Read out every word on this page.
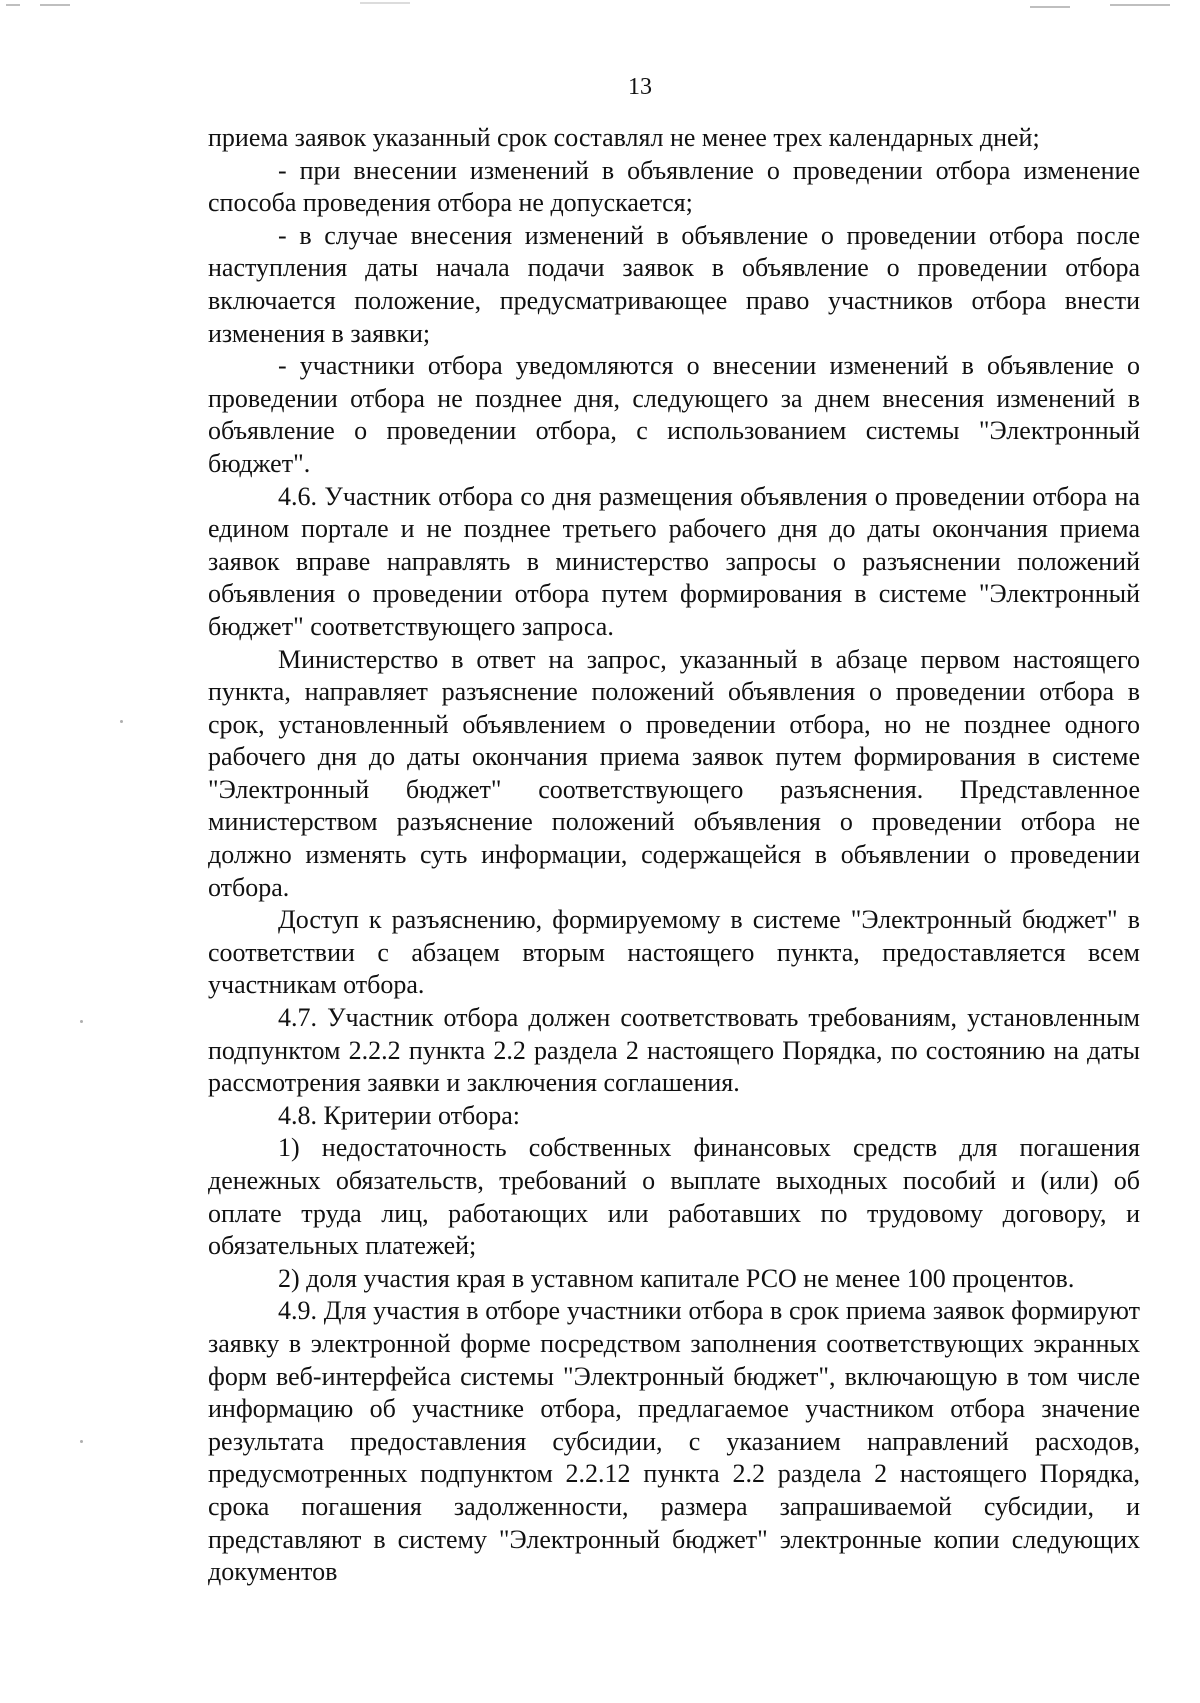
13

приема заявок указанный срок составлял не менее трех календарных дней;

- при внесении изменений в объявление о проведении отбора изменение способа проведения отбора не допускается;

- в случае внесения изменений в объявление о проведении отбора после наступления даты начала подачи заявок в объявление о проведении отбора включается положение, предусматривающее право участников отбора внести изменения в заявки;

- участники отбора уведомляются о внесении изменений в объявление о проведении отбора не позднее дня, следующего за днем внесения изменений в объявление о проведении отбора, с использованием системы "Электронный бюджет".

4.6. Участник отбора со дня размещения объявления о проведении отбора на едином портале и не позднее третьего рабочего дня до даты окончания приема заявок вправе направлять в министерство запросы о разъяснении положений объявления о проведении отбора путем формирования в системе "Электронный бюджет" соответствующего запроса.

Министерство в ответ на запрос, указанный в абзаце первом настоящего пункта, направляет разъяснение положений объявления о проведении отбора в срок, установленный объявлением о проведении отбора, но не позднее одного рабочего дня до даты окончания приема заявок путем формирования в системе "Электронный бюджет" соответствующего разъяснения. Представленное министерством разъяснение положений объявления о проведении отбора не должно изменять суть информации, содержащейся в объявлении о проведении отбора.

Доступ к разъяснению, формируемому в системе "Электронный бюджет" в соответствии с абзацем вторым настоящего пункта, предоставляется всем участникам отбора.

4.7. Участник отбора должен соответствовать требованиям, установленным подпунктом 2.2.2 пункта 2.2 раздела 2 настоящего Порядка, по состоянию на даты рассмотрения заявки и заключения соглашения.

4.8. Критерии отбора:

1) недостаточность собственных финансовых средств для погашения денежных обязательств, требований о выплате выходных пособий и (или) об оплате труда лиц, работающих или работавших по трудовому договору, и обязательных платежей;

2) доля участия края в уставном капитале РСО не менее 100 процентов.

4.9. Для участия в отборе участники отбора в срок приема заявок формируют заявку в электронной форме посредством заполнения соответствующих экранных форм веб-интерфейса системы "Электронный бюджет", включающую в том числе информацию об участнике отбора, предлагаемое участником отбора значение результата предоставления субсидии, с указанием направлений расходов, предусмотренных подпунктом 2.2.12 пункта 2.2 раздела 2 настоящего Порядка, срока погашения задолженности, размера запрашиваемой субсидии, и представляют в систему "Электронный бюджет" электронные копии следующих документов
